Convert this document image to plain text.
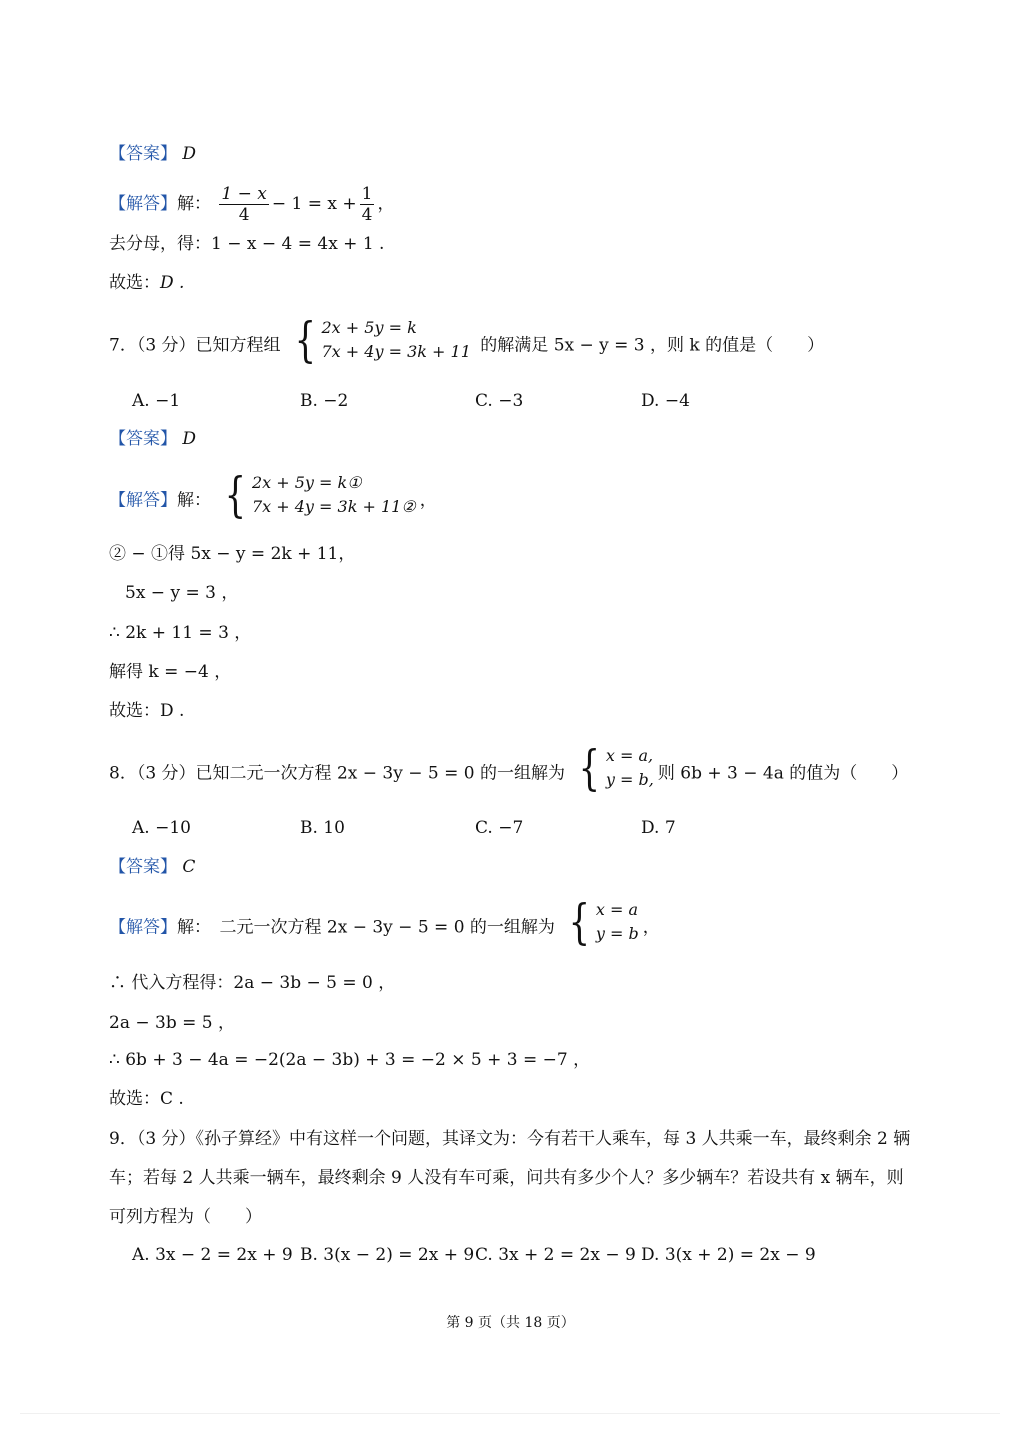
【答案】 D
【解答】解： $\frac{1 - x}{4} - 1 = x + \frac{1}{4}$ ，
去分母，得：1 − x − 4 = 4x + 1 .
故选：D .
7．（3 分）已知方程组 { 2x + 5y = k
7x + 4y = 3k + 11 的解满足 5x − y = 3 ，则 k 的值是（　　）
A. −1	B. −2	C. −3	D. −4
【答案】 D
【解答】解： { 2x + 5y = k①
7x + 4y = 3k + 11② ，
② − ①得 5x − y = 2k + 11，
5x − y = 3 ，
∴ 2k + 11 = 3 ，
解得 k = −4 ，
故选：D .
8．（3 分）已知二元一次方程 2x − 3y − 5 = 0 的一组解为 { x = a,
y = b, 则 6b + 3 − 4a 的值为（　　）
A. −10	B. 10	C. −7	D. 7
【答案】 C
【解答】解：　二元一次方程 2x − 3y − 5 = 0 的一组解为 { x = a
y = b ，
∴ 代入方程得：2a − 3b − 5 = 0 ，
2a − 3b = 5 ，
∴ 6b + 3 − 4a = −2(2a − 3b) + 3 = −2 × 5 + 3 = −7 ，
故选：C .
9．（3 分）《孙子算经》中有这样一个问题，其译文为：今有若干人乘车，每 3 人共乘一车，最终剩余 2 辆
车；若每 2 人共乘一辆车，最终剩余 9 人没有车可乘，问共有多少个人？多少辆车？若设共有 x 辆车，则
可列方程为（　　）
A. 3x − 2 = 2x + 9 B. 3(x − 2) = 2x + 9 C. 3x + 2 = 2x − 9 D. 3(x + 2) = 2x − 9
第 9 页（共 18 页）
